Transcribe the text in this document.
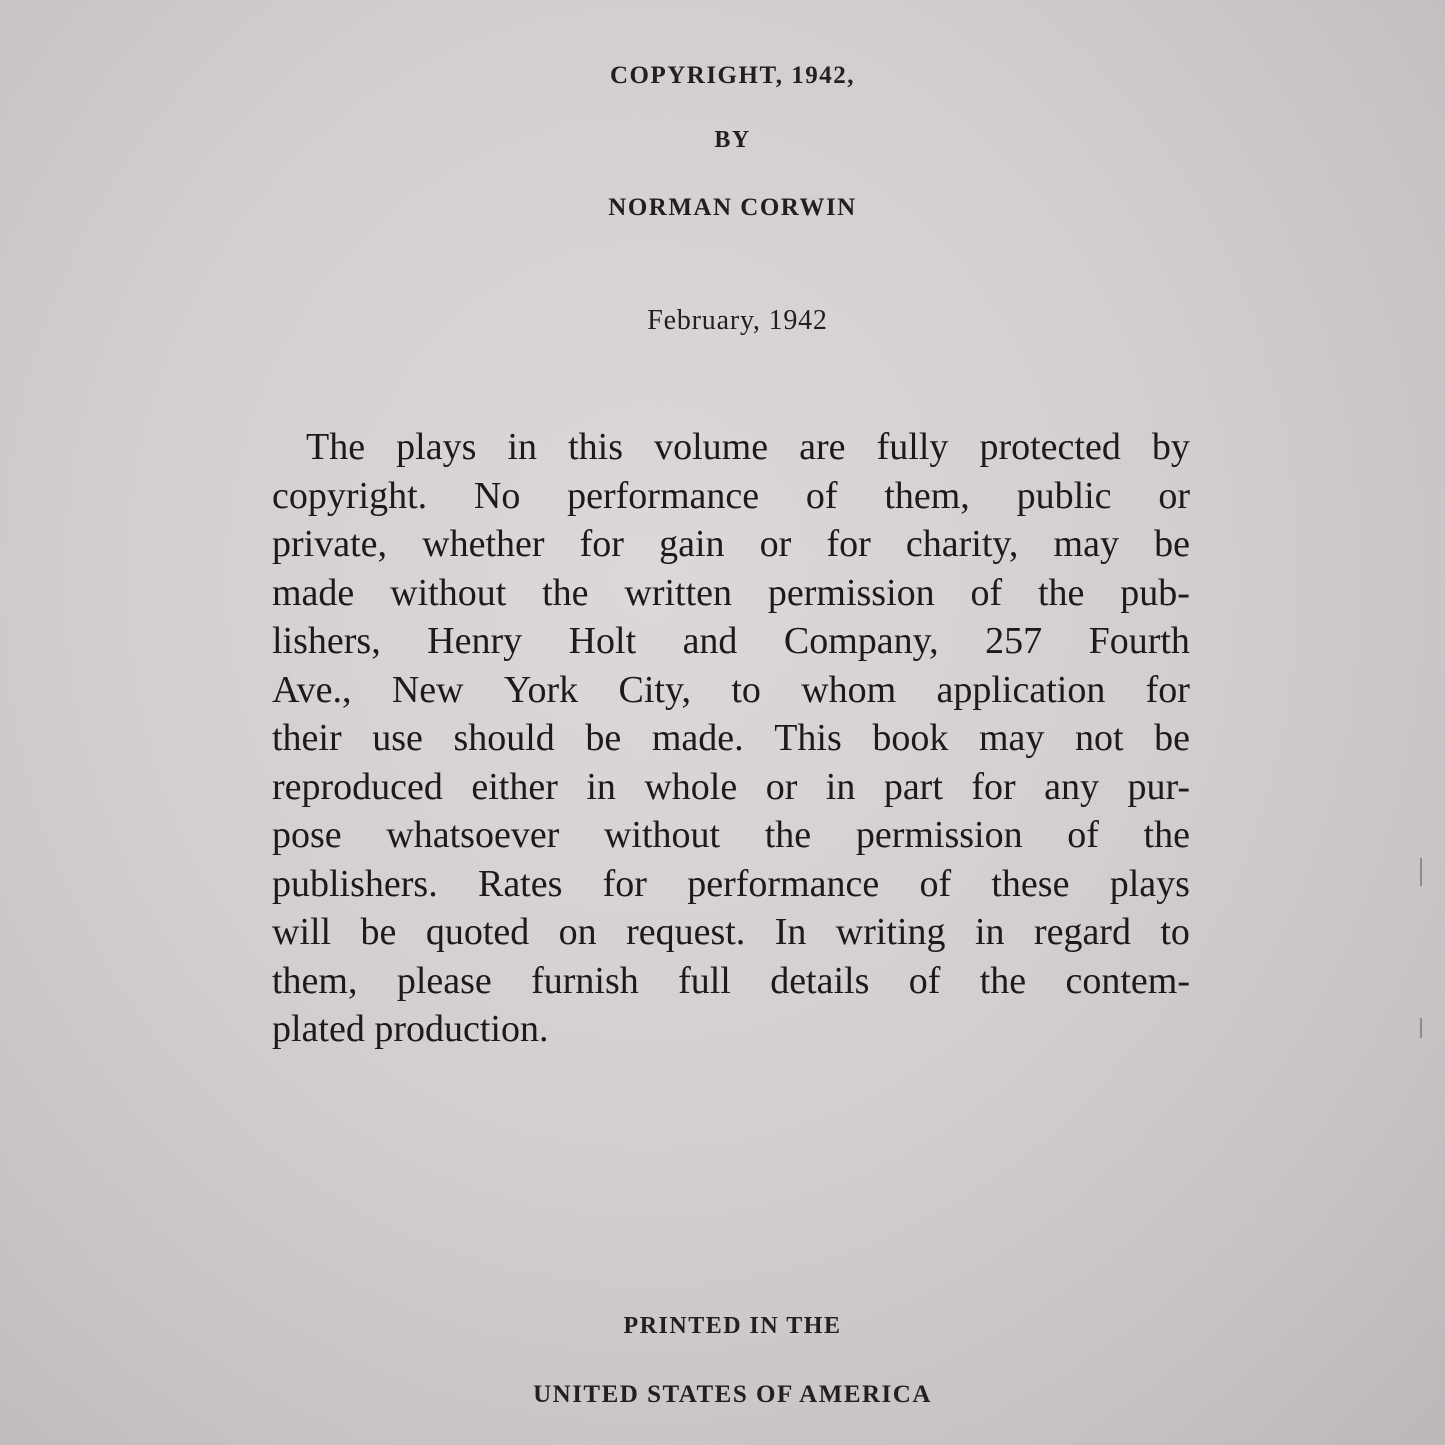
COPYRIGHT, 1942,
BY
NORMAN CORWIN
February, 1942
The plays in this volume are fully protected by
copyright. No performance of them, public or
private, whether for gain or for charity, may be
made without the written permission of the pub-
lishers, Henry Holt and Company, 257 Fourth
Ave., New York City, to whom application for
their use should be made. This book may not be
reproduced either in whole or in part for any pur-
pose whatsoever without the permission of the
publishers. Rates for performance of these plays
will be quoted on request. In writing in regard to
them, please furnish full details of the contem-
plated production.
PRINTED IN THE
UNITED STATES OF AMERICA
